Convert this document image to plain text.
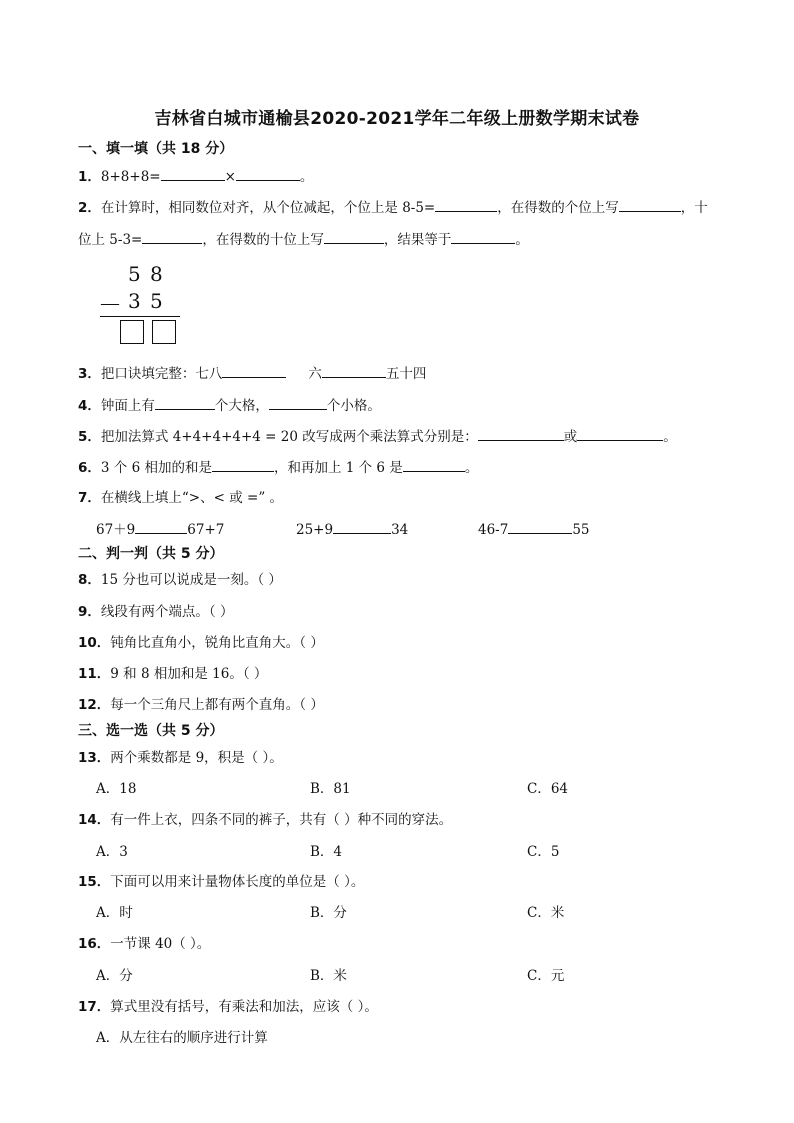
吉林省白城市通榆县2020-2021学年二年级上册数学期末试卷
一、填一填（共 18 分）
1．8+8+8=	×	。
2．在计算时，相同数位对齐，从个位减起，个位上是 8-5=	，在得数的个位上写	，十
位上 5-3=	，在得数的十位上写	，结果等于	。
5 8
－ 3 5
3．把口诀填完整：七八	六	五十四
4．钟面上有	个大格，	个小格。
5．把加法算式 4+4+4+4+4 = 20 改写成两个乘法算式分别是：	或	。
6．3 个 6 相加的和是	，和再加上 1 个 6 是	。
7．在横线上填上“>、< 或 =” 。
67＋9	67+7	25+9	34	46-7	55
二、判一判（共 5 分）
8．15 分也可以说成是一刻。（ ）
9．线段有两个端点。（ ）
10．钝角比直角小，锐角比直角大。（ ）
11．9 和 8 相加和是 16。（ ）
12．每一个三角尺上都有两个直角。（ ）
三、选一选（共 5 分）
13．两个乘数都是 9，积是（ ）。
A．18	B．81	C．64
14．有一件上衣，四条不同的裤子，共有（ ）种不同的穿法。
A．3	B．4	C．5
15．下面可以用来计量物体长度的单位是（ ）。
A．时	B．分	C．米
16．一节课 40（ ）。
A．分	B．米	C．元
17．算式里没有括号，有乘法和加法，应该（ ）。
A．从左往右的顺序进行计算
